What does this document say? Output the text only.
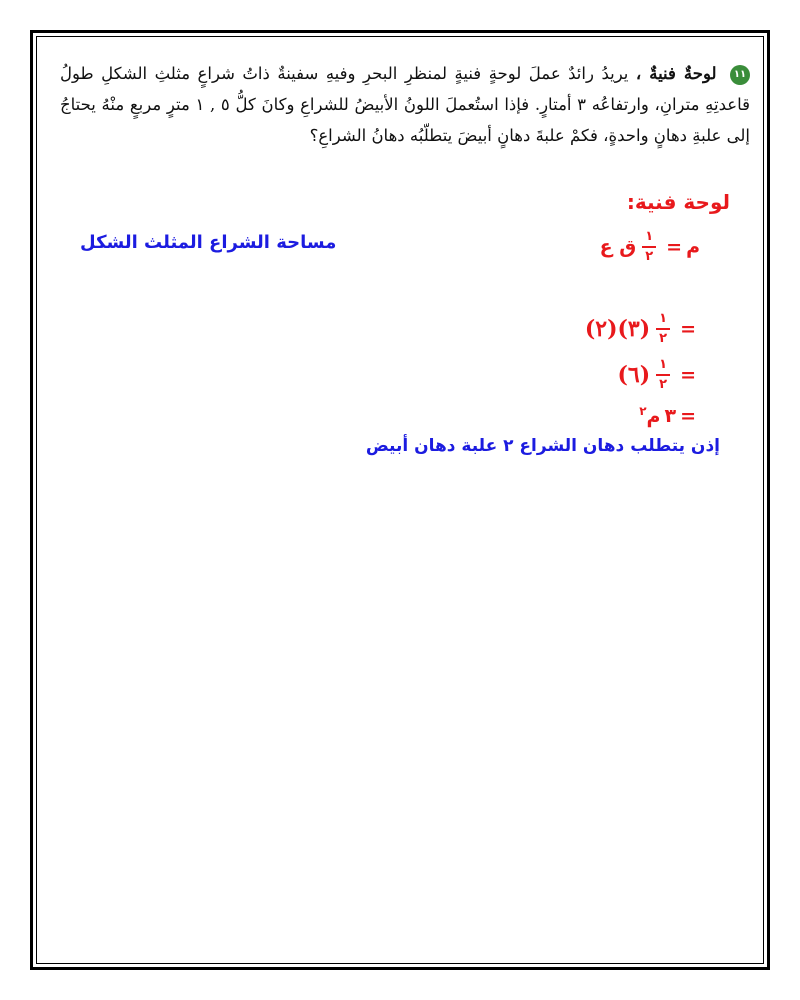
١١ لوحةٌ فنيةٌ ، يريدُ رائدٌ عملَ لوحةٍ فنيةٍ لمنظرِ البحرِ وفيهِ سفينةٌ ذاتُ شراعٍ مثلثِ الشكلِ طولُ قاعدتِهِ مترانِ، وارتفاعُه ٣ أمتارٍ. فإذا استُعملَ اللونُ الأبيضُ للشراعِ وكانَ كلُّ ٥ , ١ مترٍ مربعٍ منْهُ يحتاجُ إلى علبةِ دهانٍ واحدةٍ، فكمْ علبةَ دهانٍ أبيضَ يتطلّبُه دهانُ الشراعِ؟
لوحة فنية:
مساحة الشراع المثلث الشكل	م
=
$\frac{١}{٢}$
ق ع
=
$\frac{١}{٢}$
(٣)(٢)
=
$\frac{١}{٢}$
(٦)
=
٣
م$^٢$
إذن يتطلب دهان الشراع ٢ علبة دهان أبيض
